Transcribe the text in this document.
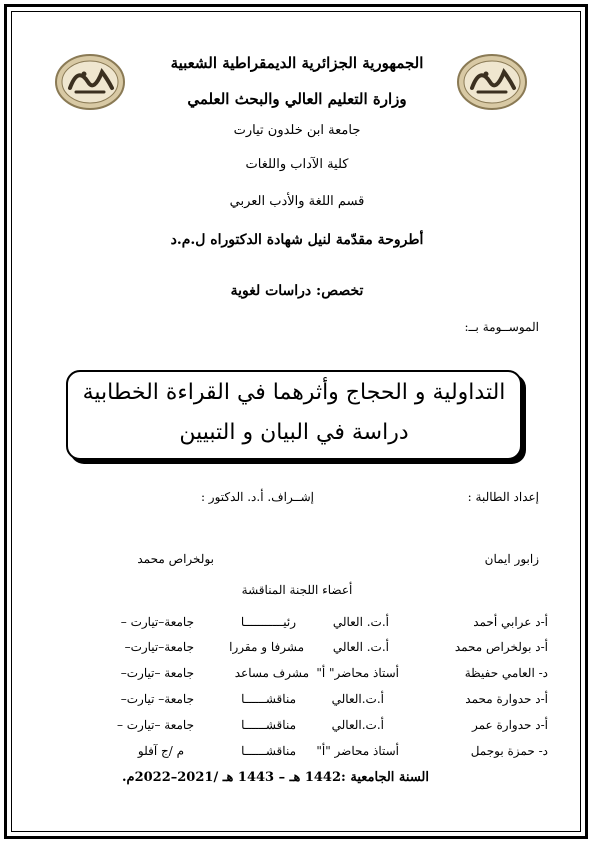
الجمهورية الجزائرية الديمقراطية الشعبية
وزارة التعليم العالي والبحث العلمي
جامعة ابن خلدون تيارت
كلية الآداب واللغات
قسم اللغة والأدب العربي
أطروحة مقدّمة لنيل شهادة الدكتوراه ل.م.د
تخصص: دراسات لغوية
الموســومة بــ:
التداولية و الحجاج وأثرهما في القراءة الخطابية
دراسة في البيان و التبيين
إعداد الطالبة :
إشــراف. أ.د. الدكتور :
زابور ايمان
بولخراص محمد
أعضاء اللجنة المناقشة
أ-د عرابي أحمد
أ.ت. العالي
رئيـــــــــــا
جامعة–تيارت –
أ-د بولخراص محمد
أ.ت. العالي
مشرفا و مقررا
جامعة–تيارت–
د- العامي حفيظة
أستاذ محاضر" أ"
مشرف مساعد
جامعة –تيارت–
أ-د حدوارة محمد
أ.ت.العالي
مناقشــــــا
جامعة– تيارت–
أ-د حدوارة عمر
أ.ت.العالي
مناقشــــــا
جامعة –تيارت –
د- حمزة بوجمل
أستاذ محاضر "أ"
مناقشــــــا
م /ج آفلو
السنة الجامعية :1442 هـ – 1443 هـ /2021–2022م.
